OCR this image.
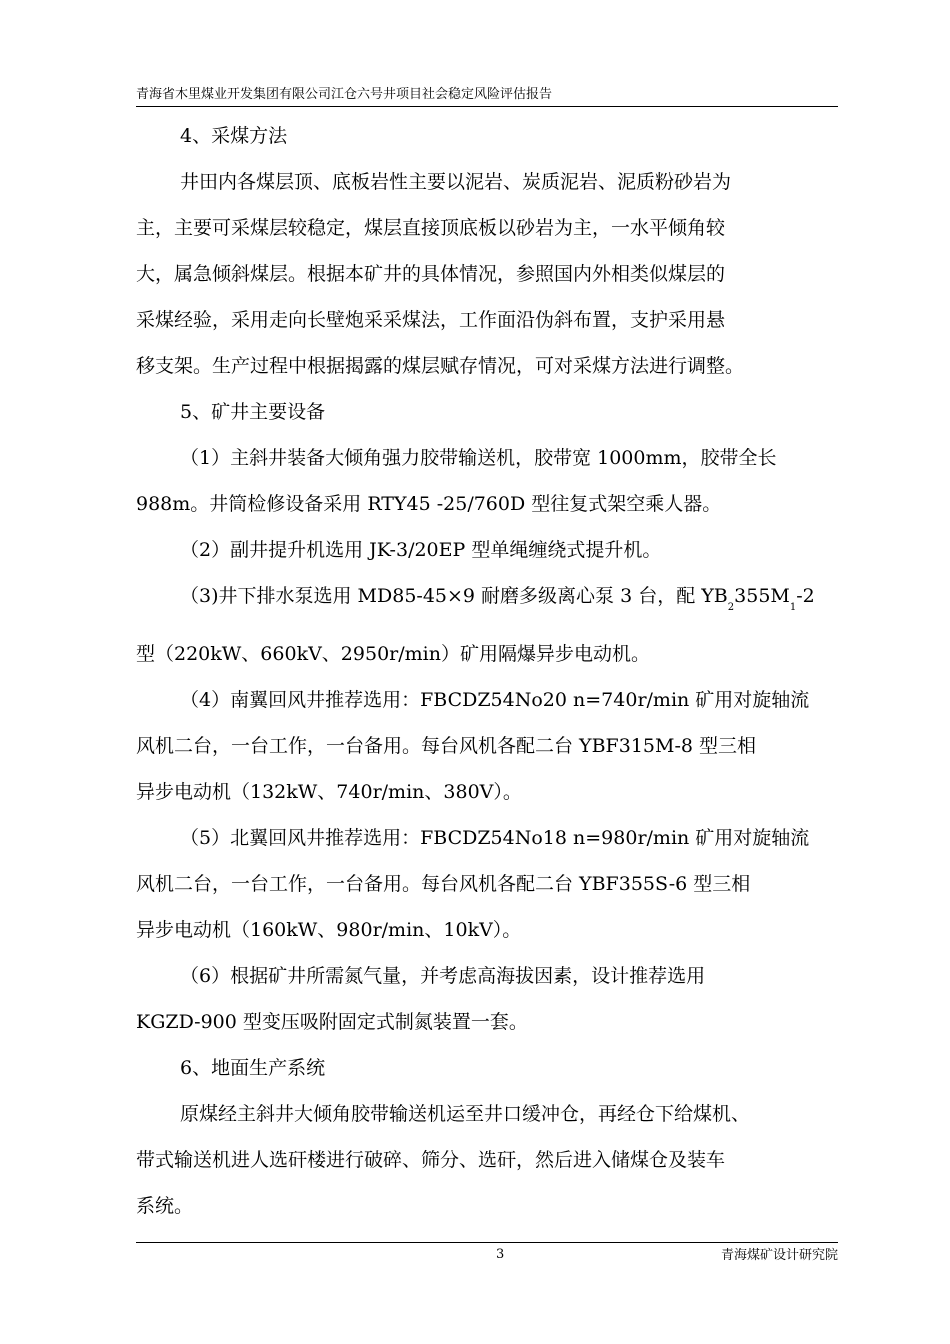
青海省木里煤业开发集团有限公司江仓六号井项目社会稳定风险评估报告

4、采煤方法

井田内各煤层顶、底板岩性主要以泥岩、炭质泥岩、泥质粉砂岩为
主，主要可采煤层较稳定，煤层直接顶底板以砂岩为主，一水平倾角较
大，属急倾斜煤层。根据本矿井的具体情况，参照国内外相类似煤层的
采煤经验，采用走向长壁炮采采煤法，工作面沿伪斜布置，支护采用悬
移支架。生产过程中根据揭露的煤层赋存情况，可对采煤方法进行调整。

5、矿井主要设备

（1）主斜井装备大倾角强力胶带输送机，胶带宽 1000mm，胶带全长
988m。井筒检修设备采用 RTY45 -25/760D 型往复式架空乘人器。
（2）副井提升机选用 JK-3/20EP 型单绳缠绕式提升机。
（3)井下排水泵选用 MD85-45×9 耐磨多级离心泵 3 台，配 $YB_2355M_1-2$
型（220kW、660kV、2950r/min）矿用隔爆异步电动机。
（4）南翼回风井推荐选用：FBCDZ54No20 n=740r/min 矿用对旋轴流
风机二台，一台工作，一台备用。每台风机各配二台 YBF315M-8 型三相
异步电动机（132kW、740r/min、380V）。
（5）北翼回风井推荐选用：FBCDZ54No18 n=980r/min 矿用对旋轴流
风机二台，一台工作，一台备用。每台风机各配二台 YBF355S-6 型三相
异步电动机（160kW、980r/min、10kV）。
（6）根据矿井所需氮气量，并考虑高海拔因素，设计推荐选用
KGZD-900 型变压吸附固定式制氮装置一套。

6、地面生产系统

原煤经主斜井大倾角胶带输送机运至井口缓冲仓，再经仓下给煤机、
带式输送机进人选矸楼进行破碎、筛分、选矸，然后进入储煤仓及装车
系统。
3	青海煤矿设计研究院
